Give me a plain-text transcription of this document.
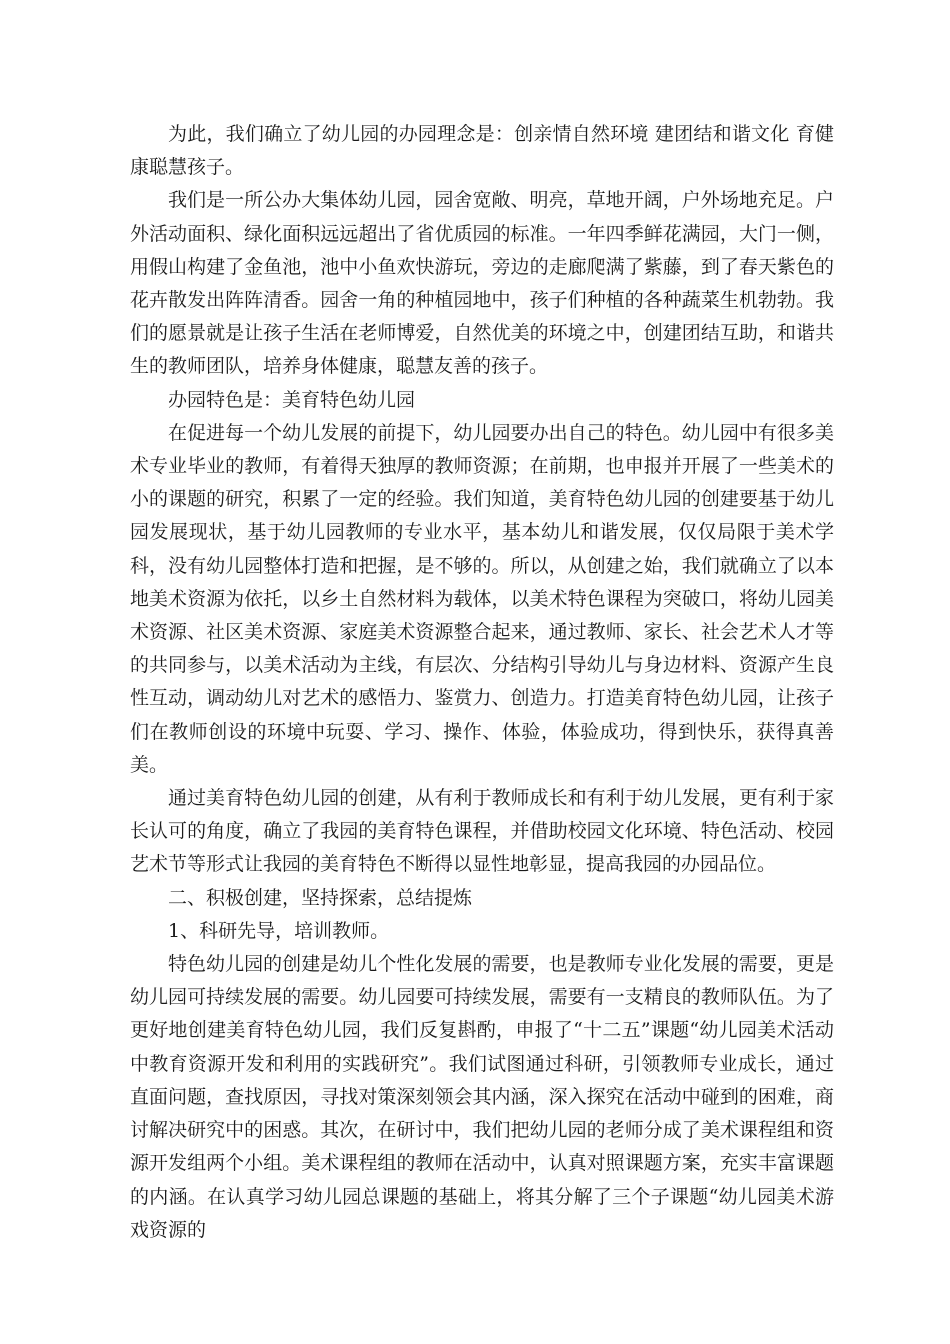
为此，我们确立了幼儿园的办园理念是：创亲情自然环境 建团结和谐文化 育健康聪慧孩子。

我们是一所公办大集体幼儿园，园舍宽敞、明亮，草地开阔，户外场地充足。户外活动面积、绿化面积远远超出了省优质园的标准。一年四季鲜花满园，大门一侧，用假山构建了金鱼池，池中小鱼欢快游玩，旁边的走廊爬满了紫藤，到了春天紫色的花卉散发出阵阵清香。园舍一角的种植园地中，孩子们种植的各种蔬菜生机勃勃。我们的愿景就是让孩子生活在老师博爱，自然优美的环境之中，创建团结互助，和谐共生的教师团队，培养身体健康，聪慧友善的孩子。

办园特色是：美育特色幼儿园

在促进每一个幼儿发展的前提下，幼儿园要办出自己的特色。幼儿园中有很多美术专业毕业的教师，有着得天独厚的教师资源；在前期，也申报并开展了一些美术的小的课题的研究，积累了一定的经验。我们知道，美育特色幼儿园的创建要基于幼儿园发展现状，基于幼儿园教师的专业水平，基本幼儿和谐发展，仅仅局限于美术学科，没有幼儿园整体打造和把握，是不够的。所以，从创建之始，我们就确立了以本地美术资源为依托，以乡土自然材料为载体，以美术特色课程为突破口，将幼儿园美术资源、社区美术资源、家庭美术资源整合起来，通过教师、家长、社会艺术人才等的共同参与，以美术活动为主线，有层次、分结构引导幼儿与身边材料、资源产生良性互动，调动幼儿对艺术的感悟力、鉴赏力、创造力。打造美育特色幼儿园，让孩子们在教师创设的环境中玩耍、学习、操作、体验，体验成功，得到快乐，获得真善美。

通过美育特色幼儿园的创建，从有利于教师成长和有利于幼儿发展，更有利于家长认可的角度，确立了我园的美育特色课程，并借助校园文化环境、特色活动、校园艺术节等形式让我园的美育特色不断得以显性地彰显，提高我园的办园品位。

二、积极创建，坚持探索，总结提炼

1、科研先导，培训教师。

特色幼儿园的创建是幼儿个性化发展的需要，也是教师专业化发展的需要，更是幼儿园可持续发展的需要。幼儿园要可持续发展，需要有一支精良的教师队伍。为了更好地创建美育特色幼儿园，我们反复斟酌，申报了“十二五”课题“幼儿园美术活动中教育资源开发和利用的实践研究”。我们试图通过科研，引领教师专业成长，通过直面问题，查找原因，寻找对策深刻领会其内涵，深入探究在活动中碰到的困难，商讨解决研究中的困惑。其次，在研讨中，我们把幼儿园的老师分成了美术课程组和资源开发组两个小组。美术课程组的教师在活动中，认真对照课题方案，充实丰富课题的内涵。在认真学习幼儿园总课题的基础上，将其分解了三个子课题“幼儿园美术游戏资源的
